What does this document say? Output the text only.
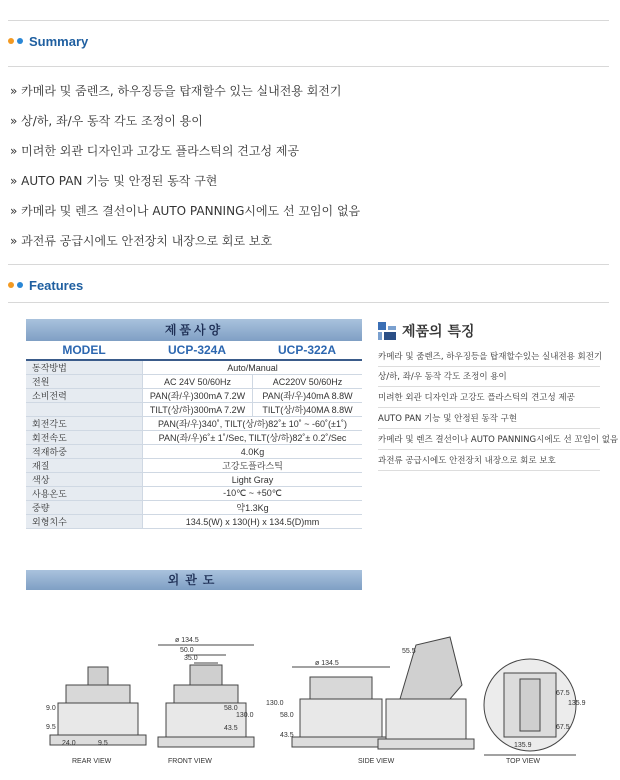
Summary
» 카메라 및 줌렌즈, 하우징등을 탑재할수 있는 실내전용 회전기
» 상/하, 좌/우 동작 각도 조정이 용이
» 미려한 외관 디자인과 고강도 플라스틱의 견고성 제공
» AUTO PAN 기능 및 안정된 동작 구현
» 카메라 및 렌즈 결선이나 AUTO PANNING시에도 선 꼬임이 없음
» 과전류 공급시에도 안전장치 내장으로 회로 보호
Features
제품사양
MODEL	UCP-324A	UCP-322A
동작방법	Auto/Manual
전원	AC 24V 50/60Hz	AC220V 50/60Hz
소비전력	PAN(좌/우)300mA 7.2W	PAN(좌/우)40mA 8.8W
TILT(상/하)300mA 7.2W	TILT(상/하)40MA 8.8W
회전각도	PAN(좌/우)340˚, TILT(상/하)82˚± 10˚ ~ -60˚(±1˚)
회전속도	PAN(좌/우)6˚± 1˚/Sec, TILT(상/하)82˚± 0.2˚/Sec
적재하중	4.0Kg
재질	고강도플라스틱
색상	Light Gray
사용온도	-10℃ ~ +50℃
중량	약1.3Kg
외형치수	134.5(W) x 130(H) x 134.5(D)mm
제품의 특징
카메라 및 줌렌즈, 하우징등을 탑재할수있는 실내전용 회전기
상/하, 좌/우 동작 각도 조정이 용이
미려한 외관 디자인과 고강도 플라스틱의 견고성 제공
AUTO PAN 기능 및 안정된 동작 구현
카메라 및 렌즈 결선이나 AUTO PANNING시에도 선 꼬임이 없음
과전류 공급시에도 안전장치 내장으로 회로 보호
외관도
9.0
9.5
24.0	9.5
ø 134.5
50.0
35.0
58.0
43.5
130.0
ø 134.5
130.0
58.0
43.5
55.5
67.5
135.9
135.9
67.5
REAR VIEW	FRONT VIEW	SIDE VIEW	TOP VIEW
